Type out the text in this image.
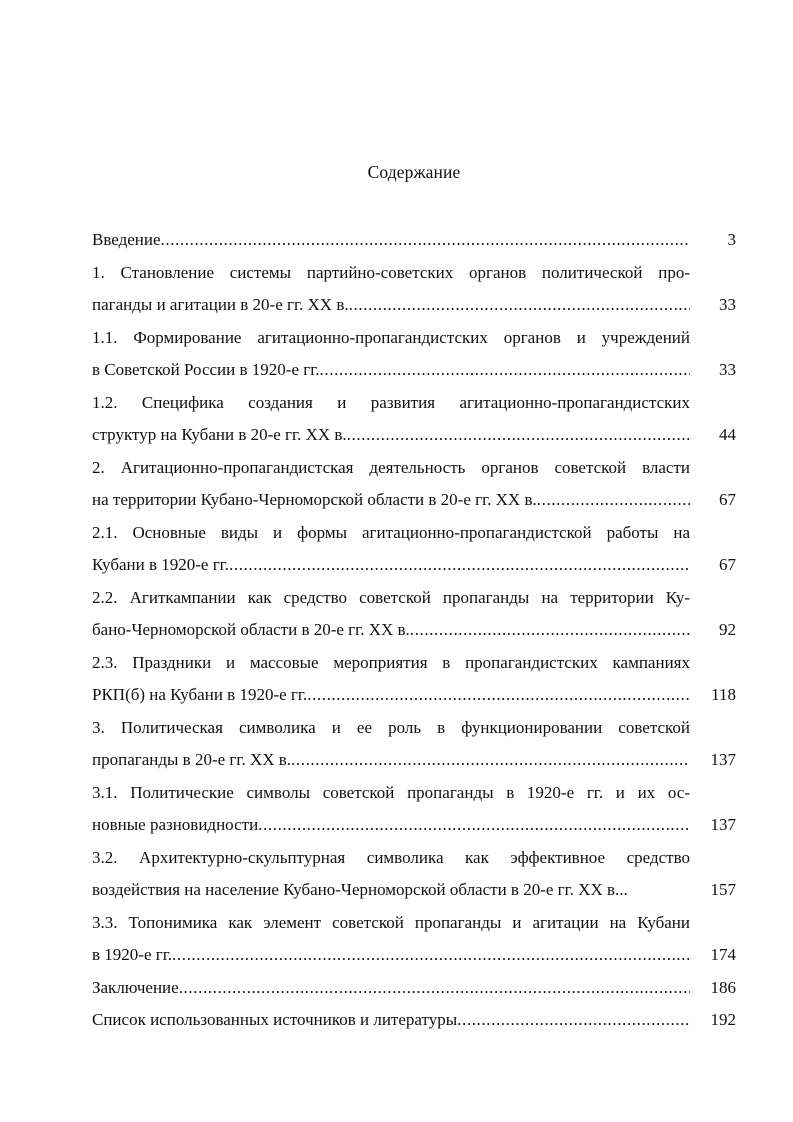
Содержание
Введение .....	3
1. Становление системы партийно-советских органов политической про-
паганды и агитации в 20-е гг. XX в. .....	33
1.1. Формирование агитационно-пропагандистских органов и учреждений
в Советской России в 1920-е гг. .....	33
1.2. Специфика создания и развития агитационно-пропагандистских
структур на Кубани в 20-е гг. XX в. .....	44
2. Агитационно-пропагандистская деятельность органов советской власти
на территории Кубано-Черноморской области в 20-е гг. XX в. .....	67
2.1. Основные виды и формы агитационно-пропагандистской работы на
Кубани в 1920-е гг. .....	67
2.2. Агиткампании как средство советской пропаганды на территории Ку-
бано-Черноморской области в 20-е гг. XX в. .....	92
2.3. Праздники и массовые мероприятия в пропагандистских кампаниях
РКП(б) на Кубани в 1920-е гг. .....	118
3. Политическая символика и ее роль в функционировании советской
пропаганды в 20-е гг. XX в. .....	137
3.1. Политические символы советской пропаганды в 1920-е гг. и их ос-
новные разновидности .....	137
3.2. Архитектурно-скульптурная символика как эффективное средство
воздействия на население Кубано-Черноморской области в 20-е гг. XX в...	157
3.3. Топонимика как элемент советской пропаганды и агитации на Кубани
в 1920-е гг. .....	174
Заключение .....	186
Список использованных источников и литературы .....	192
